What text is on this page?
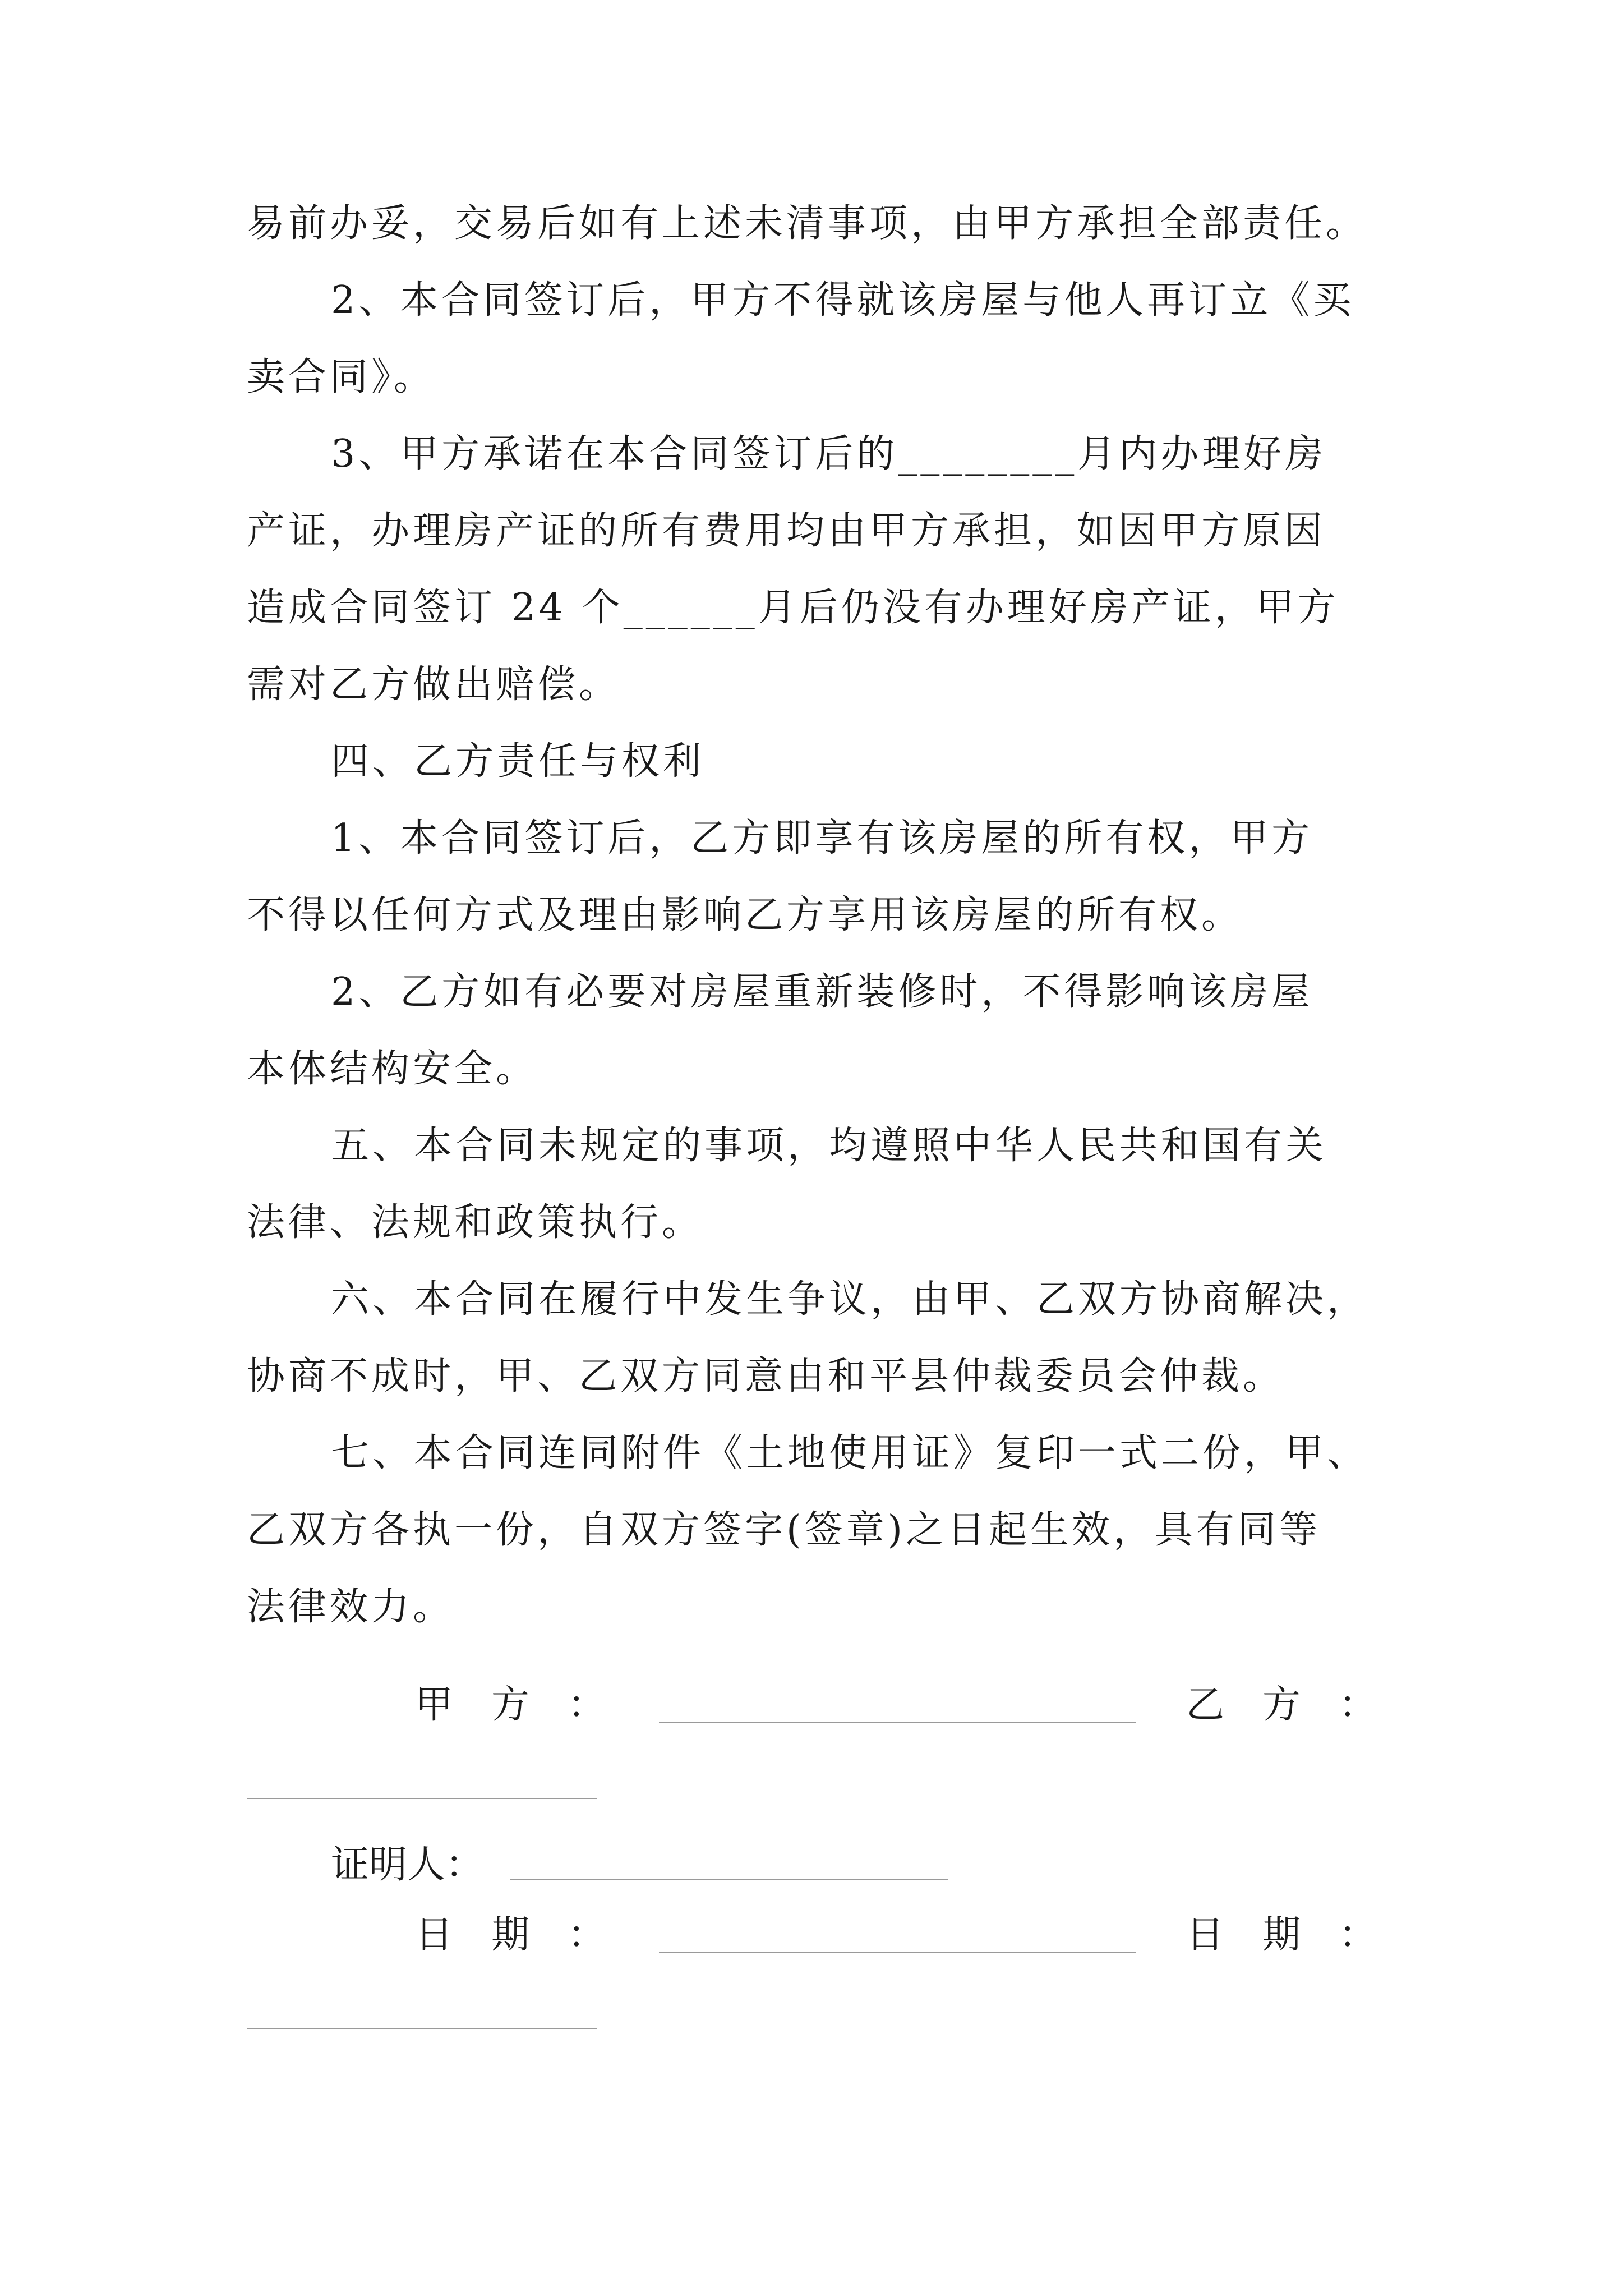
易前办妥，交易后如有上述未清事项，由甲方承担全部责任。
2、本合同签订后，甲方不得就该房屋与他人再订立《买
卖合同》。
3、甲方承诺在本合同签订后的________月内办理好房
产证，办理房产证的所有费用均由甲方承担，如因甲方原因
造成合同签订 24 个______月后仍没有办理好房产证，甲方
需对乙方做出赔偿。
四、乙方责任与权利
1、本合同签订后，乙方即享有该房屋的所有权，甲方
不得以任何方式及理由影响乙方享用该房屋的所有权。
2、乙方如有必要对房屋重新装修时，不得影响该房屋
本体结构安全。
五、本合同未规定的事项，均遵照中华人民共和国有关
法律、法规和政策执行。
六、本合同在履行中发生争议，由甲、乙双方协商解决，
协商不成时，甲、乙双方同意由和平县仲裁委员会仲裁。
七、本合同连同附件《土地使用证》复印一式二份，甲、
乙双方各执一份，自双方签字(签章)之日起生效，具有同等
法律效力。
甲　方　：	乙　方　：
证明人：
日　期　：	日　期　：
